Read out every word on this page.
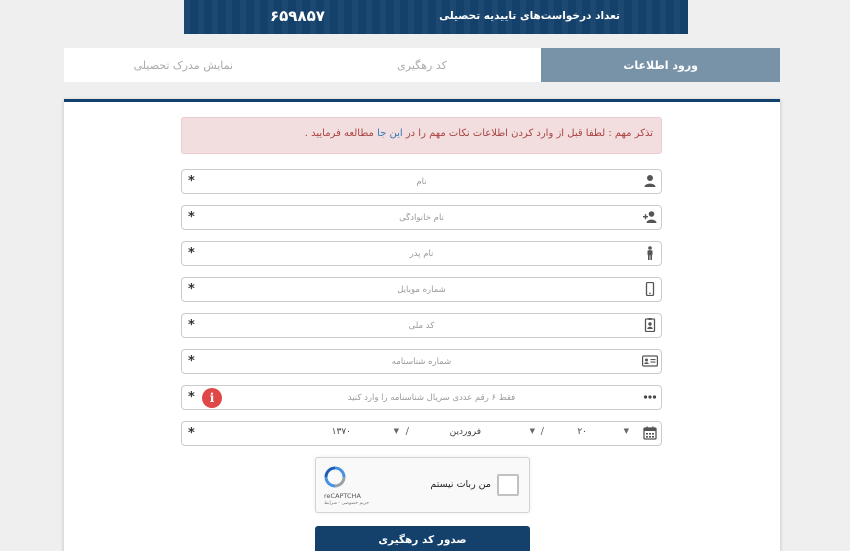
تعداد درخواست‌های تاییدیه تحصیلی
۶۵۹۸۵۷
ورود اطلاعات
کد رهگیری
نمایش مدرک تحصیلی
تذکر مهم : لطفا قبل از وارد کردن اطلاعات نکات مهم را در این جا مطالعه فرمایید .
نام
*
نام خانوادگی
*
نام پدر
*
شماره موبایل
*
کد ملی
*
شماره شناسنامه
*
فقط ۶ رقم عددی سریال شناسنامه را وارد کنید
i
*
▼
۲۰
/
▼
فروردین
/
▼
۱۳۷۰
*
من ربات نیستم
reCAPTCHA
حریم خصوصی - شرایط
صدور کد رهگیری
